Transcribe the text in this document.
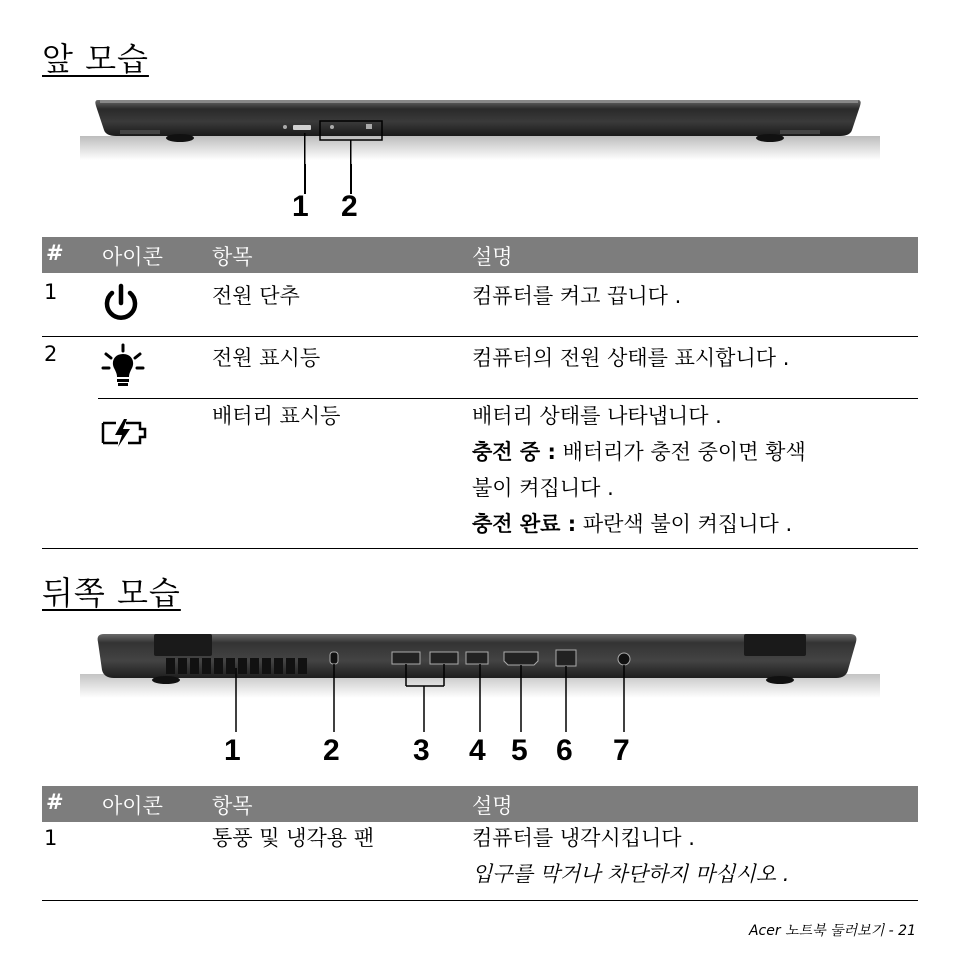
앞 모습
1 2
# 아이콘 항목	설명
1	전원 단추	컴퓨터를 켜고 끕니다 .
2	전원 표시등	컴퓨터의 전원 상태를 표시합니다 .
배터리 표시등	배터리 상태를 나타냅니다 .
충전 중 : 배터리가 충전 중이면 황색
불이 켜집니다 .
충전 완료 : 파란색 불이 켜집니다 .
뒤쪽 모습
1	2 3 4 5 6 7
# 아이콘 항목	설명
1	통풍 및 냉각용 팬	컴퓨터를 냉각시킵니다 .
입구를 막거나 차단하지 마십시오 .
Acer 노트북 둘러보기 - 21
